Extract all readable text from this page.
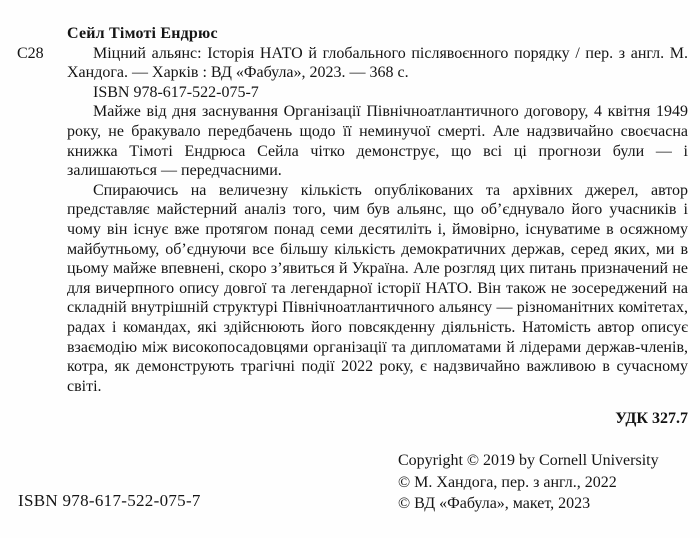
Сейл Тімоті Ендрюс

С28	Міцний альянс: Історія НАТО й глобального післявоєнного порядку / пер. з англ. М. Хандога. — Харків : ВД «Фабула», 2023. — 368 с.

ISBN 978-617-522-075-7

Майже від дня заснування Організації Північноатлантичного договору, 4 квітня 1949 року, не бракувало передбачень щодо її неминучої смерті. Але надзвичайно своєчасна книжка Тімоті Ендрюса Сейла чітко демонструє, що всі ці прогнози були — і залишаються — передчасними.

Спираючись на величезну кількість опублікованих та архівних джерел, автор представляє майстерний аналіз того, чим був альянс, що об’єднувало його учасників і чому він існує вже протягом понад семи десятиліть і, ймовірно, існуватиме в осяжному майбутньому, об’єднуючи все більшу кількість демократичних держав, серед яких, ми в цьому майже впевнені, скоро з’явиться й Україна. Але розгляд цих питань призначений не для вичерпного опису довгої та легендарної історії НАТО. Він також не зосереджений на складній внутрішній структурі Північноатлантичного альянсу — різноманітних комітетах, радах і командах, які здійснюють його повсякденну діяльність. Натомість автор описує взаємодію між високопосадовцями організації та дипломатами й лідерами держав-членів, котра, як демонструють трагічні події 2022 року, є надзвичайно важливою в сучасному світі.

УДК 327.7

ISBN 978-617-522-075-7
Copyright © 2019 by Cornell University
© М. Хандога, пер. з англ., 2022
© ВД «Фабула», макет, 2023
